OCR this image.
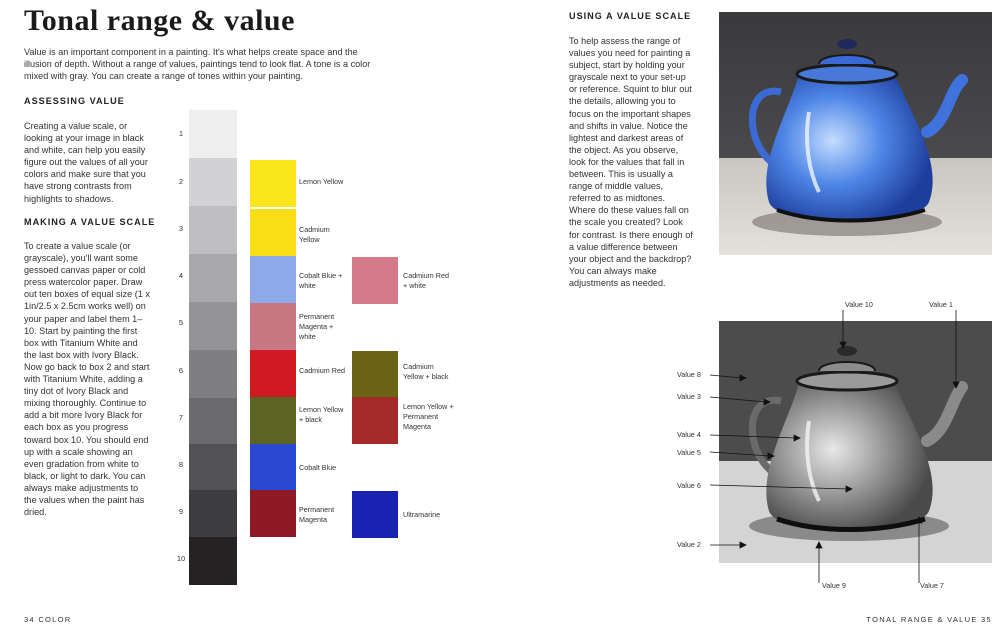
Tonal range & value
Value is an important component in a painting. It's what helps create space and the illusion of depth. Without a range of values, paintings tend to look flat. A tone is a color mixed with gray. You can create a range of tones within your painting.
ASSESSING VALUE
Creating a value scale, or looking at your image in black and white, can help you easily figure out the values of all your colors and make sure that you have strong contrasts from highlights to shadows.
MAKING A VALUE SCALE
To create a value scale (or grayscale), you'll want some gessoed canvas paper or cold press watercolor paper. Draw out ten boxes of equal size (1 x 1in/2.5 x 2.5cm works well) on your paper and label them 1–10. Start by painting the first box with Titanium White and the last box with Ivory Black. Now go back to box 2 and start with Titanium White, adding a tiny dot of Ivory Black and mixing thoroughly. Continue to add a bit more Ivory Black for each box as you progress toward box 10. You should end up with a scale showing an even gradation from white to black, or light to dark. You can always make adjustments to the values when the paint has dried.
1
2
3
4
5
6
7
8
9
10
Lemon Yellow
Cadmium Yellow
Cobalt Blue + white
Permanent Magenta + white
Cadmium Red
Lemon Yellow + black
Cobalt Blue
Permanent Magenta
Cadmium Red + white
Cadmium Yellow + black
Lemon Yellow + Permanent Magenta
Ultramarine
34 COLOR
USING A VALUE SCALE
To help assess the range of values you need for painting a subject, start by holding your grayscale next to your set-up or reference. Squint to blur out the details, allowing you to focus on the important shapes and shifts in value. Notice the lightest and darkest areas of the object. As you observe, look for the values that fall in between. This is usually a range of middle values, referred to as midtones. Where do these values fall on the scale you created? Look for contrast. Is there enough of a value difference between your object and the backdrop? You can always make adjustments as needed.
Value 10	Value 1
Value 8
Value 3
Value 4
Value 5
Value 6
Value 2
Value 9	Value 7
TONAL RANGE & VALUE 35
